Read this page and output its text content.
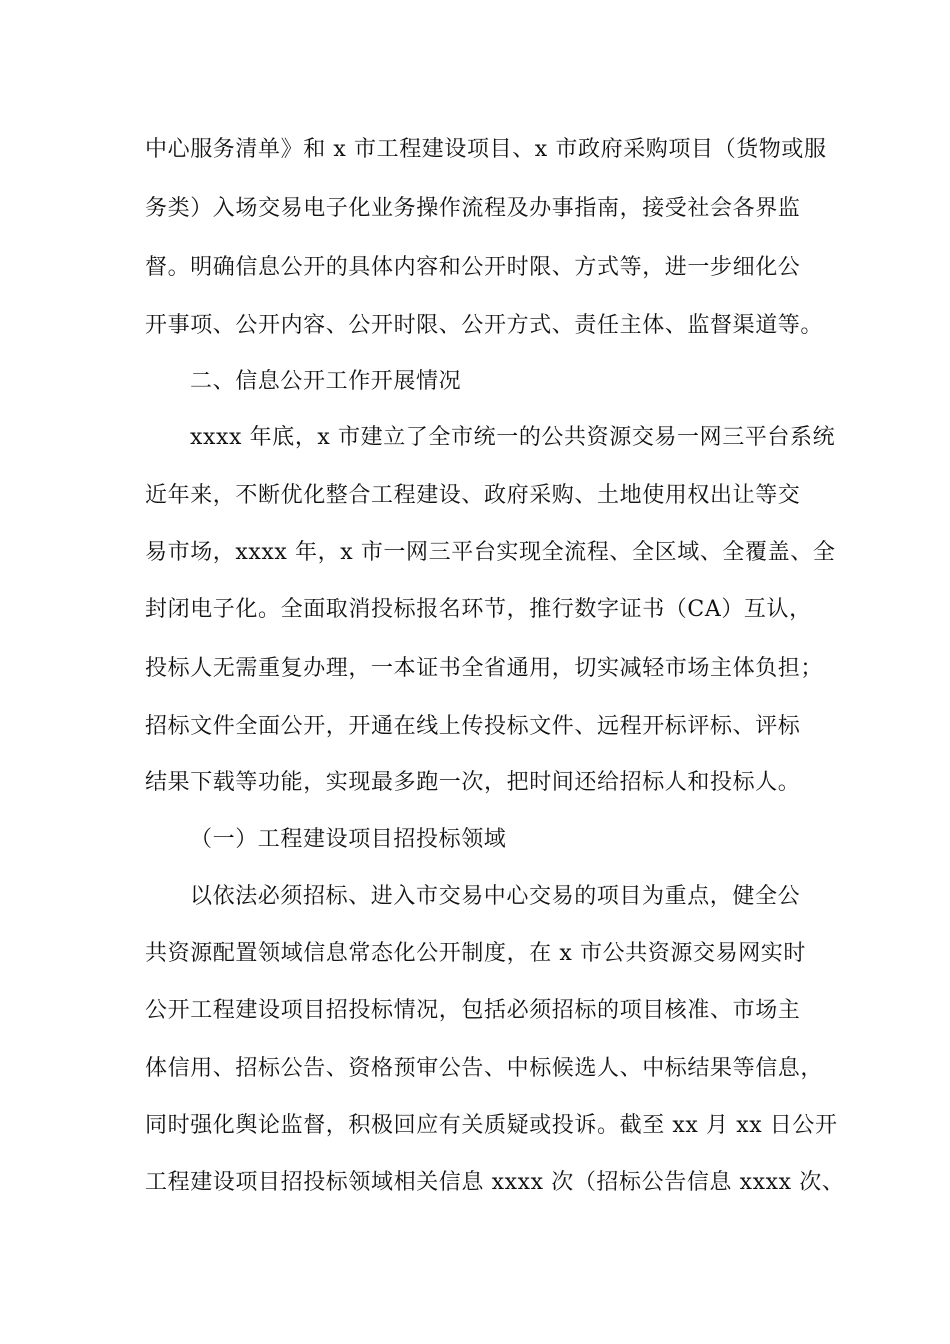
中心服务清单》和 x 市工程建设项目、x 市政府采购项目（货物或服
务类）入场交易电子化业务操作流程及办事指南，接受社会各界监
督。明确信息公开的具体内容和公开时限、方式等，进一步细化公
开事项、公开内容、公开时限、公开方式、责任主体、监督渠道等。
二、信息公开工作开展情况
xxxx 年底，x 市建立了全市统一的公共资源交易一网三平台系统
近年来，不断优化整合工程建设、政府采购、土地使用权出让等交
易市场，xxxx 年，x 市一网三平台实现全流程、全区域、全覆盖、全
封闭电子化。全面取消投标报名环节，推行数字证书（CA）互认，
投标人无需重复办理，一本证书全省通用，切实减轻市场主体负担；
招标文件全面公开，开通在线上传投标文件、远程开标评标、评标
结果下载等功能，实现最多跑一次，把时间还给招标人和投标人。
（一）工程建设项目招投标领域
以依法必须招标、进入市交易中心交易的项目为重点，健全公
共资源配置领域信息常态化公开制度，在 x 市公共资源交易网实时
公开工程建设项目招投标情况，包括必须招标的项目核准、市场主
体信用、招标公告、资格预审公告、中标候选人、中标结果等信息，
同时强化舆论监督，积极回应有关质疑或投诉。截至 xx 月 xx 日公开
工程建设项目招投标领域相关信息 xxxx 次（招标公告信息 xxxx 次、
